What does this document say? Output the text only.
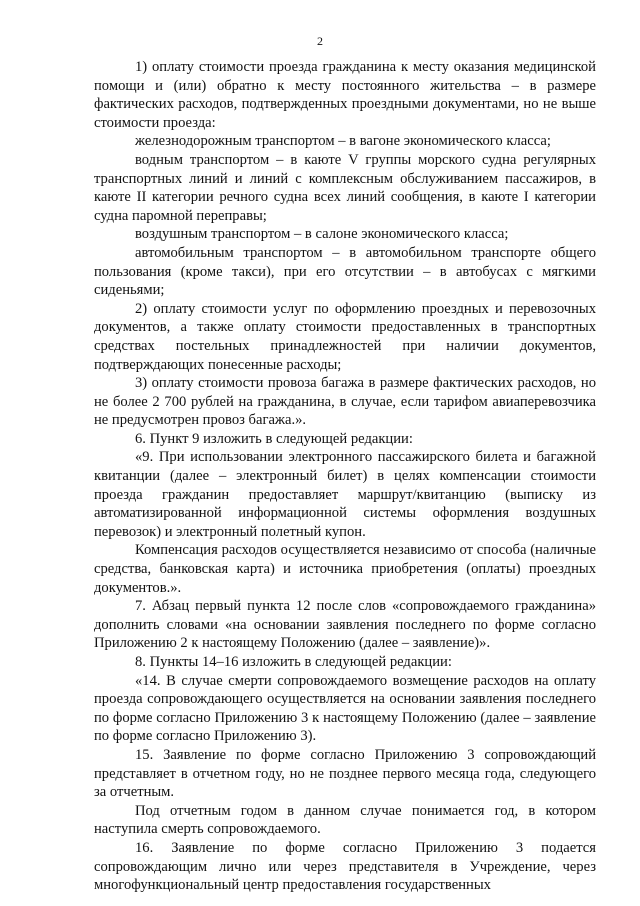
2

1) оплату стоимости проезда гражданина к месту оказания медицинской помощи и (или) обратно к месту постоянного жительства – в размере фактических расходов, подтвержденных проездными документами, но не выше стоимости проезда:

железнодорожным транспортом – в вагоне экономического класса;

водным транспортом – в каюте V группы морского судна регулярных транспортных линий и линий с комплексным обслуживанием пассажиров, в каюте II категории речного судна всех линий сообщения, в каюте I категории судна паромной переправы;

воздушным транспортом – в салоне экономического класса;

автомобильным транспортом – в автомобильном транспорте общего пользования (кроме такси), при его отсутствии – в автобусах с мягкими сиденьями;

2) оплату стоимости услуг по оформлению проездных и перевозочных документов, а также оплату стоимости предоставленных в транспортных средствах постельных принадлежностей при наличии документов, подтверждающих понесенные расходы;

3) оплату стоимости провоза багажа в размере фактических расходов, но не более 2 700 рублей на гражданина, в случае, если тарифом авиаперевозчика не предусмотрен провоз багажа.».

6. Пункт 9 изложить в следующей редакции:

«9. При использовании электронного пассажирского билета и багажной квитанции (далее – электронный билет) в целях компенсации стоимости проезда гражданин предоставляет маршрут/квитанцию (выписку из автоматизированной информационной системы оформления воздушных перевозок) и электронный полетный купон.

Компенсация расходов осуществляется независимо от способа (наличные средства, банковская карта) и источника приобретения (оплаты) проездных документов.».

7. Абзац первый пункта 12 после слов «сопровождаемого гражданина» дополнить словами «на основании заявления последнего по форме согласно Приложению 2 к настоящему Положению (далее – заявление)».

8. Пункты 14–16 изложить в следующей редакции:

«14. В случае смерти сопровождаемого возмещение расходов на оплату проезда сопровождающего осуществляется на основании заявления последнего по форме согласно Приложению 3 к настоящему Положению (далее – заявление по форме согласно Приложению 3).

15. Заявление по форме согласно Приложению 3 сопровождающий представляет в отчетном году, но не позднее первого месяца года, следующего за отчетным.

Под отчетным годом в данном случае понимается год, в котором наступила смерть сопровождаемого.

16. Заявление по форме согласно Приложению 3 подается сопровождающим лично или через представителя в Учреждение, через многофункциональный центр предоставления государственных
